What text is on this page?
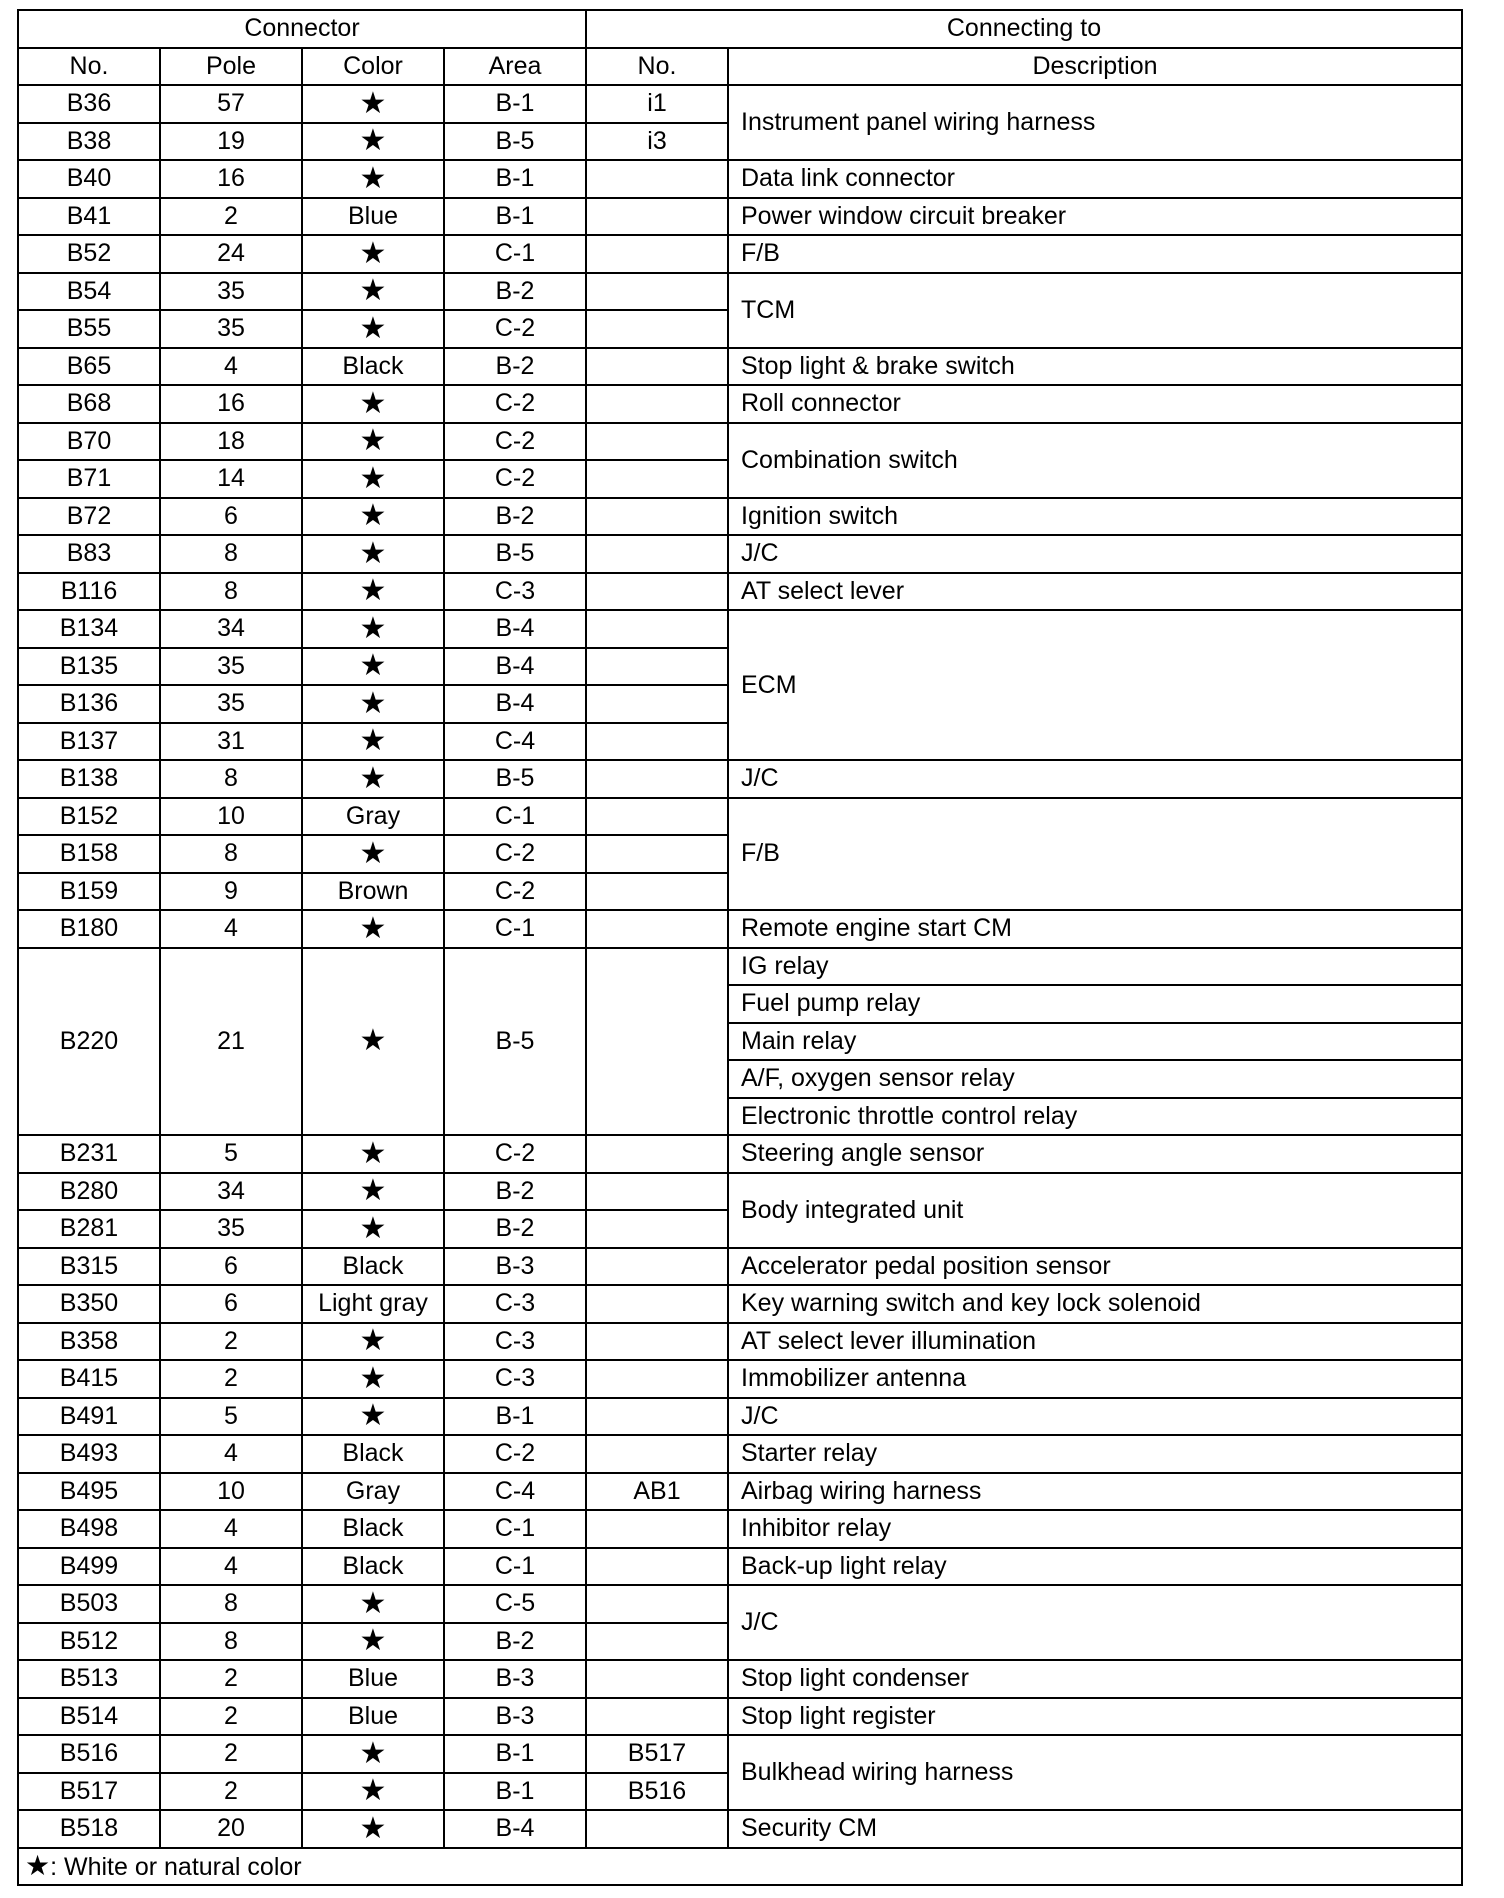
Connector				Connecting to	
No.	Pole	Color	Area	No.	Description
B36	57	★	B-1	i1	Instrument panel wiring harness
B38	19	★	B-5	i3	
B40	16	★	B-1		Data link connector
B41	2	Blue	B-1		Power window circuit breaker
B52	24	★	C-1		F/B
B54	35	★	B-2		TCM
B55	35	★	C-2		
B65	4	Black	B-2		Stop light & brake switch
B68	16	★	C-2		Roll connector
B70	18	★	C-2		Combination switch
B71	14	★	C-2		
B72	6	★	B-2		Ignition switch
B83	8	★	B-5		J/C
B116	8	★	C-3		AT select lever
B134	34	★	B-4		ECM
B135	35	★	B-4		
B136	35	★	B-4		
B137	31	★	C-4		
B138	8	★	B-5		J/C
B152	10	Gray	C-1		F/B
B158	8	★	C-2		
B159	9	Brown	C-2		
B180	4	★	C-1		Remote engine start CM
B220	21	★	B-5		IG relay
					Fuel pump relay
					Main relay
					A/F, oxygen sensor relay
					Electronic throttle control relay
B231	5	★	C-2		Steering angle sensor
B280	34	★	B-2		Body integrated unit
B281	35	★	B-2		
B315	6	Black	B-3		Accelerator pedal position sensor
B350	6	Light gray	C-3		Key warning switch and key lock solenoid
B358	2	★	C-3		AT select lever illumination
B415	2	★	C-3		Immobilizer antenna
B491	5	★	B-1		J/C
B493	4	Black	C-2		Starter relay
B495	10	Gray	C-4	AB1	Airbag wiring harness
B498	4	Black	C-1		Inhibitor relay
B499	4	Black	C-1		Back-up light relay
B503	8	★	C-5		J/C
B512	8	★	B-2		
B513	2	Blue	B-3		Stop light condenser
B514	2	Blue	B-3		Stop light register
B516	2	★	B-1	B517	Bulkhead wiring harness
B517	2	★	B-1	B516	
B518	20	★	B-4		Security CM
★: White or natural color					
